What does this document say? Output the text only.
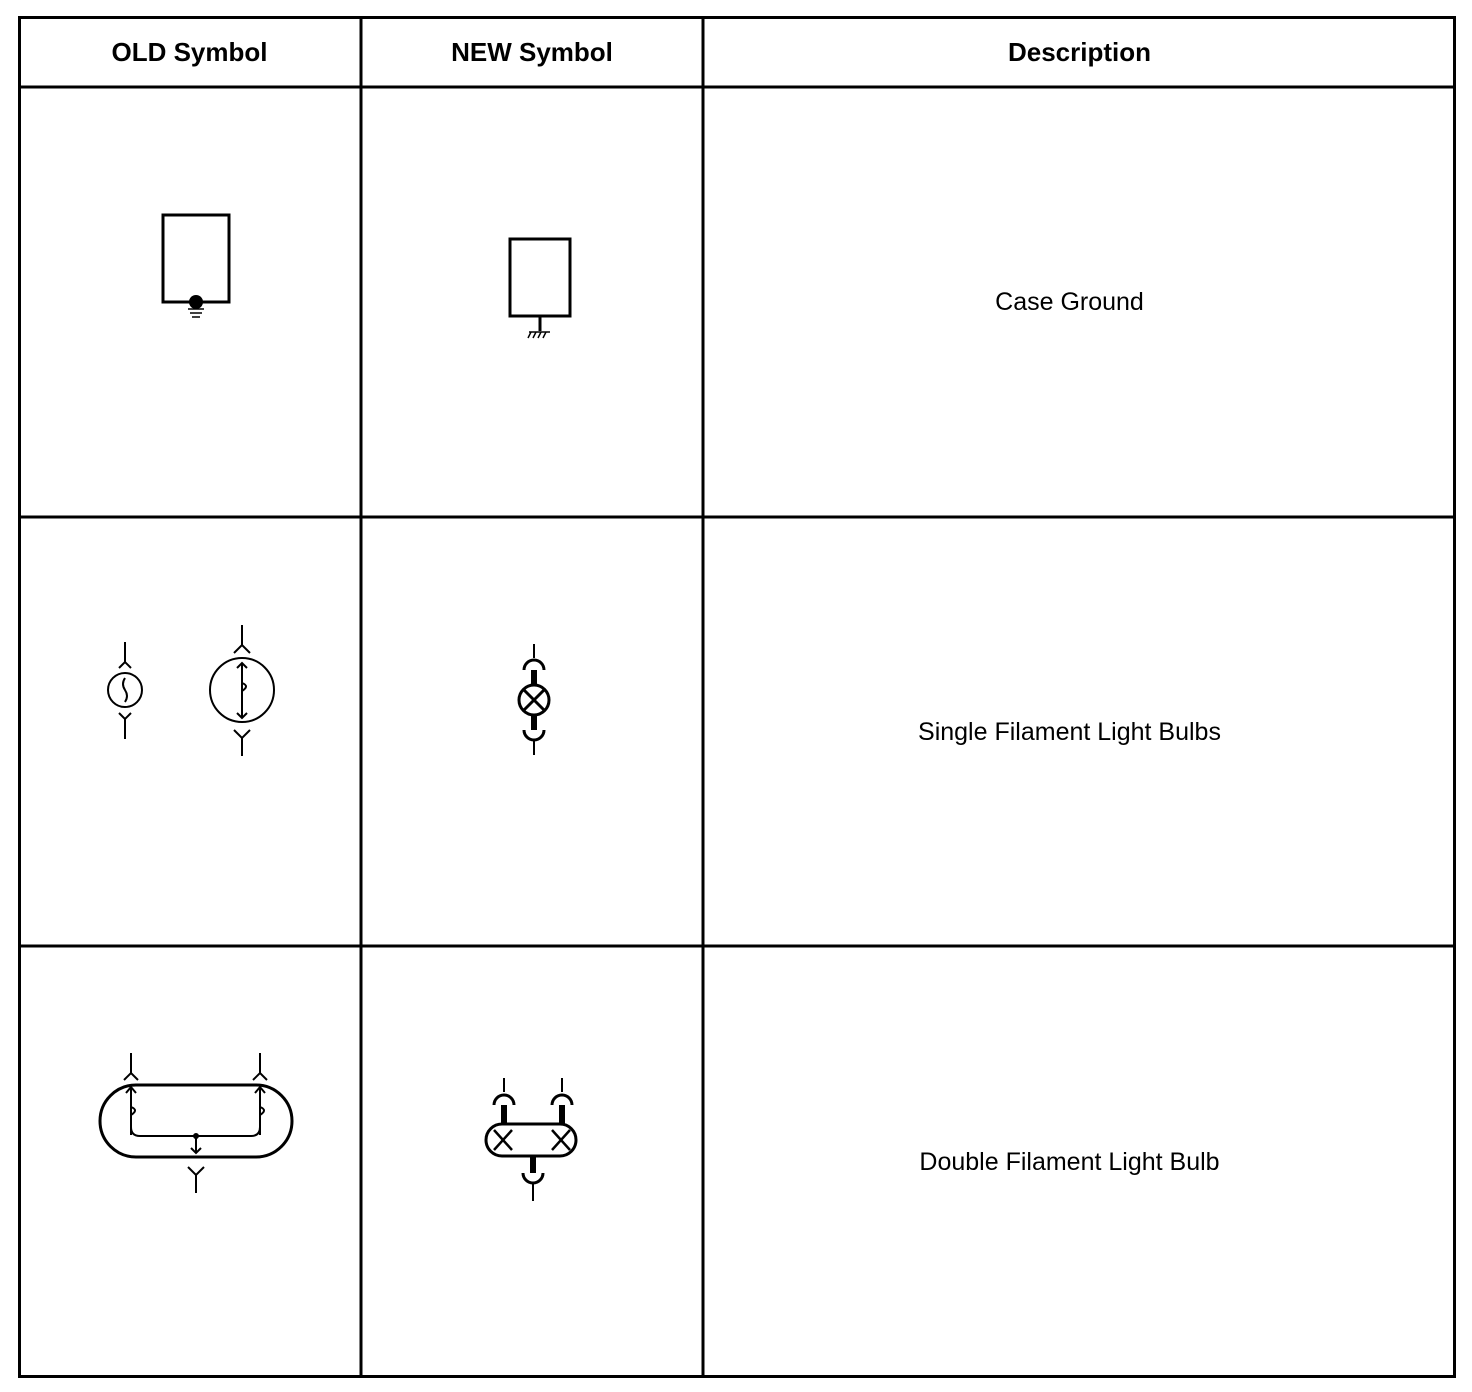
OLD Symbol	NEW Symbol	Description
Case Ground
Single Filament Light Bulbs
Double Filament Light Bulb
